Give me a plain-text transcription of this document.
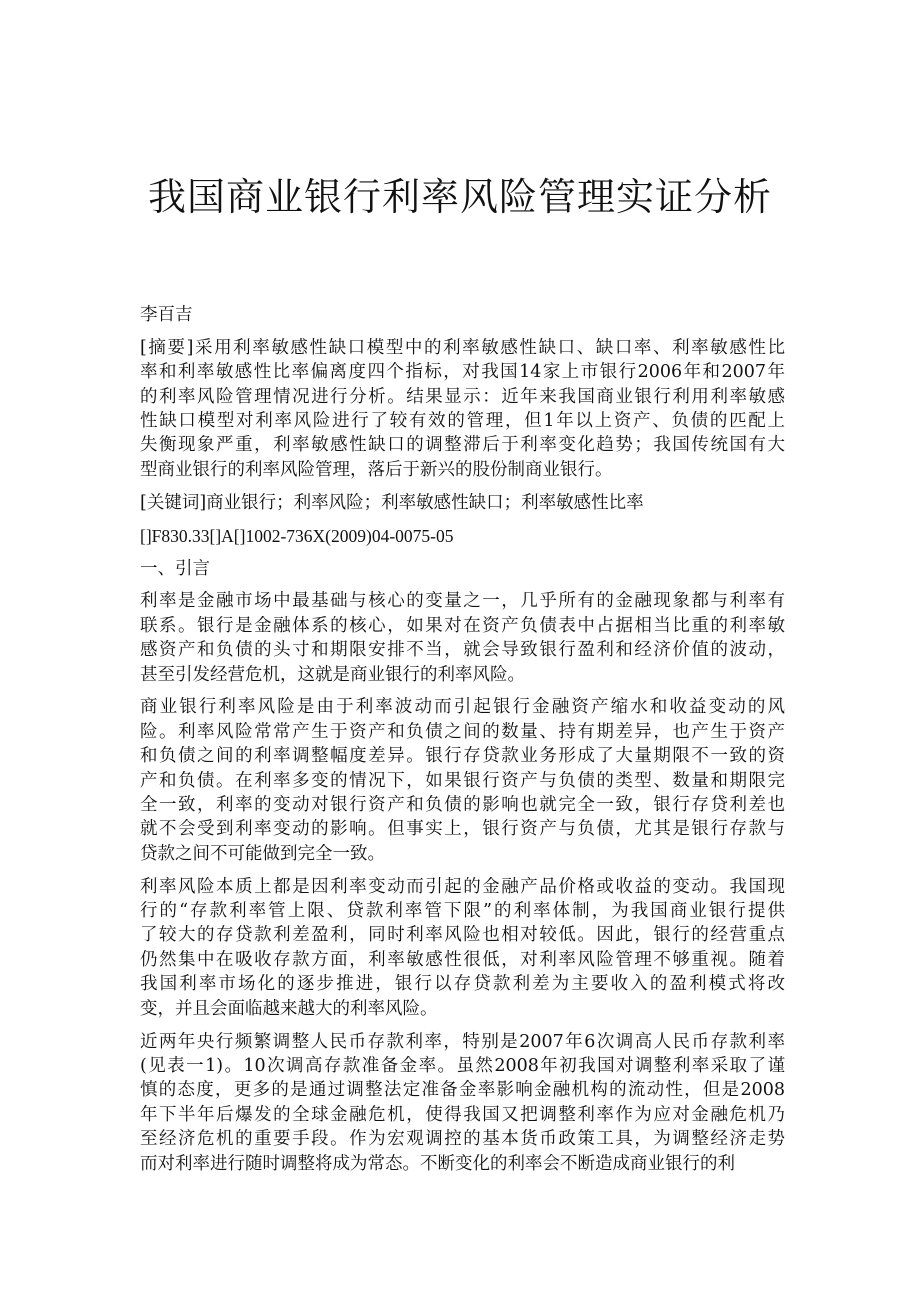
我国商业银行利率风险管理实证分析
李百吉
[摘要]采用利率敏感性缺口模型中的利率敏感性缺口、缺口率、利率敏感性比
率和利率敏感性比率偏离度四个指标，对我国14家上市银行2006年和2007年
的利率风险管理情况进行分析。结果显示：近年来我国商业银行利用利率敏感
性缺口模型对利率风险进行了较有效的管理，但1年以上资产、负债的匹配上
失衡现象严重，利率敏感性缺口的调整滞后于利率变化趋势；我国传统国有大
型商业银行的利率风险管理，落后于新兴的股份制商业银行。
[关键词]商业银行；利率风险；利率敏感性缺口；利率敏感性比率
[]F830.33[]A[]1002-736X(2009)04-0075-05
一、引言
利率是金融市场中最基础与核心的变量之一，几乎所有的金融现象都与利率有
联系。银行是金融体系的核心，如果对在资产负债表中占据相当比重的利率敏
感资产和负债的头寸和期限安排不当，就会导致银行盈利和经济价值的波动，
甚至引发经营危机，这就是商业银行的利率风险。
商业银行利率风险是由于利率波动而引起银行金融资产缩水和收益变动的风
险。利率风险常常产生于资产和负债之间的数量、持有期差异，也产生于资产
和负债之间的利率调整幅度差异。银行存贷款业务形成了大量期限不一致的资
产和负债。在利率多变的情况下，如果银行资产与负债的类型、数量和期限完
全一致，利率的变动对银行资产和负债的影响也就完全一致，银行存贷利差也
就不会受到利率变动的影响。但事实上，银行资产与负债，尤其是银行存款与
贷款之间不可能做到完全一致。
利率风险本质上都是因利率变动而引起的金融产品价格或收益的变动。我国现
行的“存款利率管上限、贷款利率管下限”的利率体制，为我国商业银行提供
了较大的存贷款利差盈利，同时利率风险也相对较低。因此，银行的经营重点
仍然集中在吸收存款方面，利率敏感性很低，对利率风险管理不够重视。随着
我国利率市场化的逐步推进，银行以存贷款利差为主要收入的盈利模式将改
变，并且会面临越来越大的利率风险。
近两年央行频繁调整人民币存款利率，特别是2007年6次调高人民币存款利率
(见表一1)。10次调高存款准备金率。虽然2008年初我国对调整利率采取了谨
慎的态度，更多的是通过调整法定准备金率影响金融机构的流动性，但是2008
年下半年后爆发的全球金融危机，使得我国又把调整利率作为应对金融危机乃
至经济危机的重要手段。作为宏观调控的基本货币政策工具，为调整经济走势
而对利率进行随时调整将成为常态。不断变化的利率会不断造成商业银行的利
